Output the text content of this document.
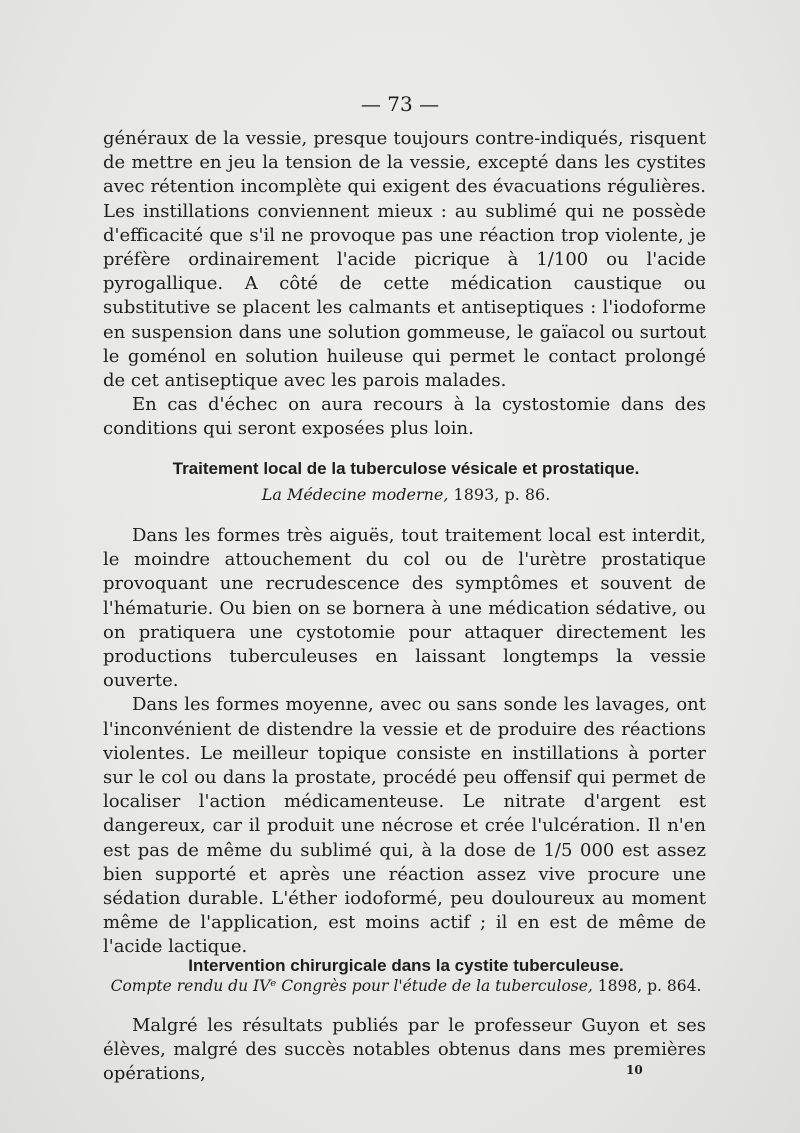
— 73 —

généraux de la vessie, presque toujours contre-indiqués, risquent de mettre en jeu la tension de la vessie, excepté dans les cystites avec rétention incomplète qui exigent des évacuations régulières. Les instillations conviennent mieux : au sublimé qui ne possède d'efficacité que s'il ne provoque pas une réaction trop violente, je préfère ordinairement l'acide picrique à 1/100 ou l'acide pyrogallique. A côté de cette médication caustique ou substitutive se placent les calmants et antiseptiques : l'iodoforme en suspension dans une solution gommeuse, le gaïacol ou surtout le goménol en solution huileuse qui permet le contact prolongé de cet antiseptique avec les parois malades.

En cas d'échec on aura recours à la cystostomie dans des conditions qui seront exposées plus loin.

Traitement local de la tuberculose vésicale et prostatique.
La Médecine moderne, 1893, p. 86.

Dans les formes très aiguës, tout traitement local est interdit, le moindre attouchement du col ou de l'urètre prostatique provoquant une recrudescence des symptômes et souvent de l'hématurie. Ou bien on se bornera à une médication sédative, ou on pratiquera une cystotomie pour attaquer directement les productions tuberculeuses en laissant longtemps la vessie ouverte.

Dans les formes moyenne, avec ou sans sonde les lavages, ont l'inconvénient de distendre la vessie et de produire des réactions violentes. Le meilleur topique consiste en instillations à porter sur le col ou dans la prostate, procédé peu offensif qui permet de localiser l'action médicamenteuse. Le nitrate d'argent est dangereux, car il produit une nécrose et crée l'ulcération. Il n'en est pas de même du sublimé qui, à la dose de 1/5 000 est assez bien supporté et après une réaction assez vive procure une sédation durable. L'éther iodoformé, peu douloureux au moment même de l'application, est moins actif ; il en est de même de l'acide lactique.

Intervention chirurgicale dans la cystite tuberculeuse.
Compte rendu du IVᵉ Congrès pour l'étude de la tuberculose, 1898, p. 864.

Malgré les résultats publiés par le professeur Guyon et ses élèves, malgré des succès notables obtenus dans mes premières opérations,	10
